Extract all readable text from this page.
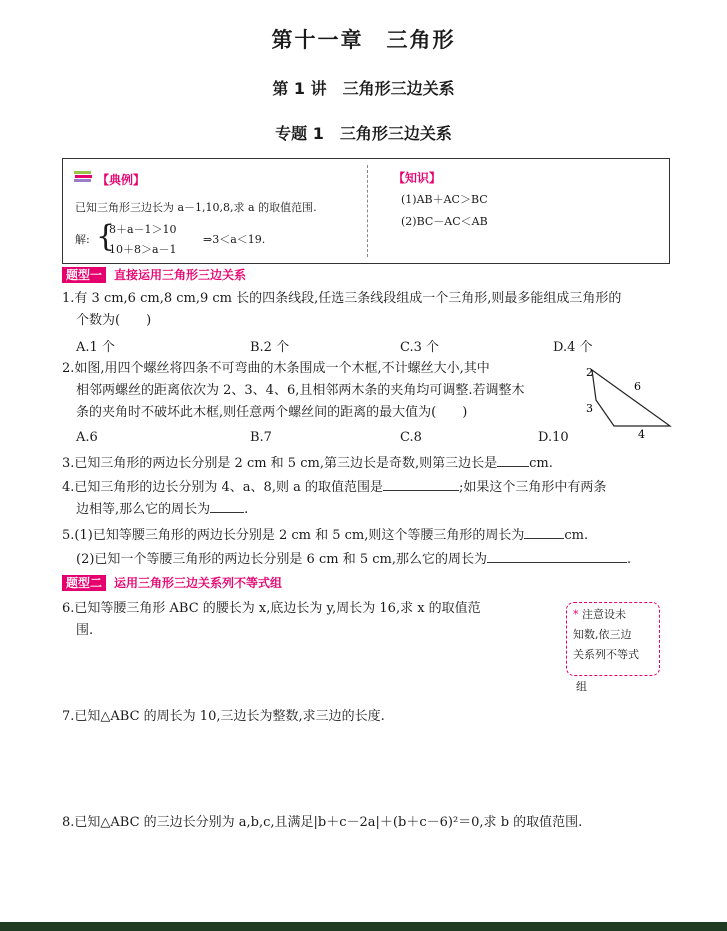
第十一章　三角形
第 1 讲　三角形三边关系
专题 1　三角形三边关系
【典例】
已知三角形三边长为 a－1,10,8,求 a 的取值范围.
解: {
8＋a－1＞10
10＋8＞a－1
⇒3＜a＜19.
【知识】
(1)AB＋AC＞BC
(2)BC－AC＜AB
题型一 直接运用三角形三边关系
1.有 3 cm,6 cm,8 cm,9 cm 长的四条线段,任选三条线段组成一个三角形,则最多能组成三角形的
个数为(　　)
A.1 个	B.2 个	C.3 个	D.4 个
2.如图,用四个螺丝将四条不可弯曲的木条围成一个木框,不计螺丝大小,其中
相邻两螺丝的距离依次为 2、3、4、6,且相邻两木条的夹角均可调整.若调整木
条的夹角时不破坏此木框,则任意两个螺丝间的距离的最大值为(　　)
A.6	B.7	C.8	D.10
2
6
3
4
3.已知三角形的两边长分别是 2 cm 和 5 cm,第三边长是奇数,则第三边长是 cm.
4.已知三角形的边长分别为 4、a、8,则 a 的取值范围是	;如果这个三角形中有两条
边相等,那么它的周长为	.
5.(1)已知等腰三角形的两边长分别是 2 cm 和 5 cm,则这个等腰三角形的周长为	cm.
(2)已知一个等腰三角形的两边长分别是 6 cm 和 5 cm,那么它的周长为	.
题型二 运用三角形三边关系列不等式组
6.已知等腰三角形 ABC 的腰长为 x,底边长为 y,周长为 16,求 x 的取值范
围.
* 注意设未
知数,依三边
关系列不等式
组
7.已知△ABC 的周长为 10,三边长为整数,求三边的长度.
8.已知△ABC 的三边长分别为 a,b,c,且满足|b＋c－2a|＋(b＋c－6)²＝0,求 b 的取值范围.
